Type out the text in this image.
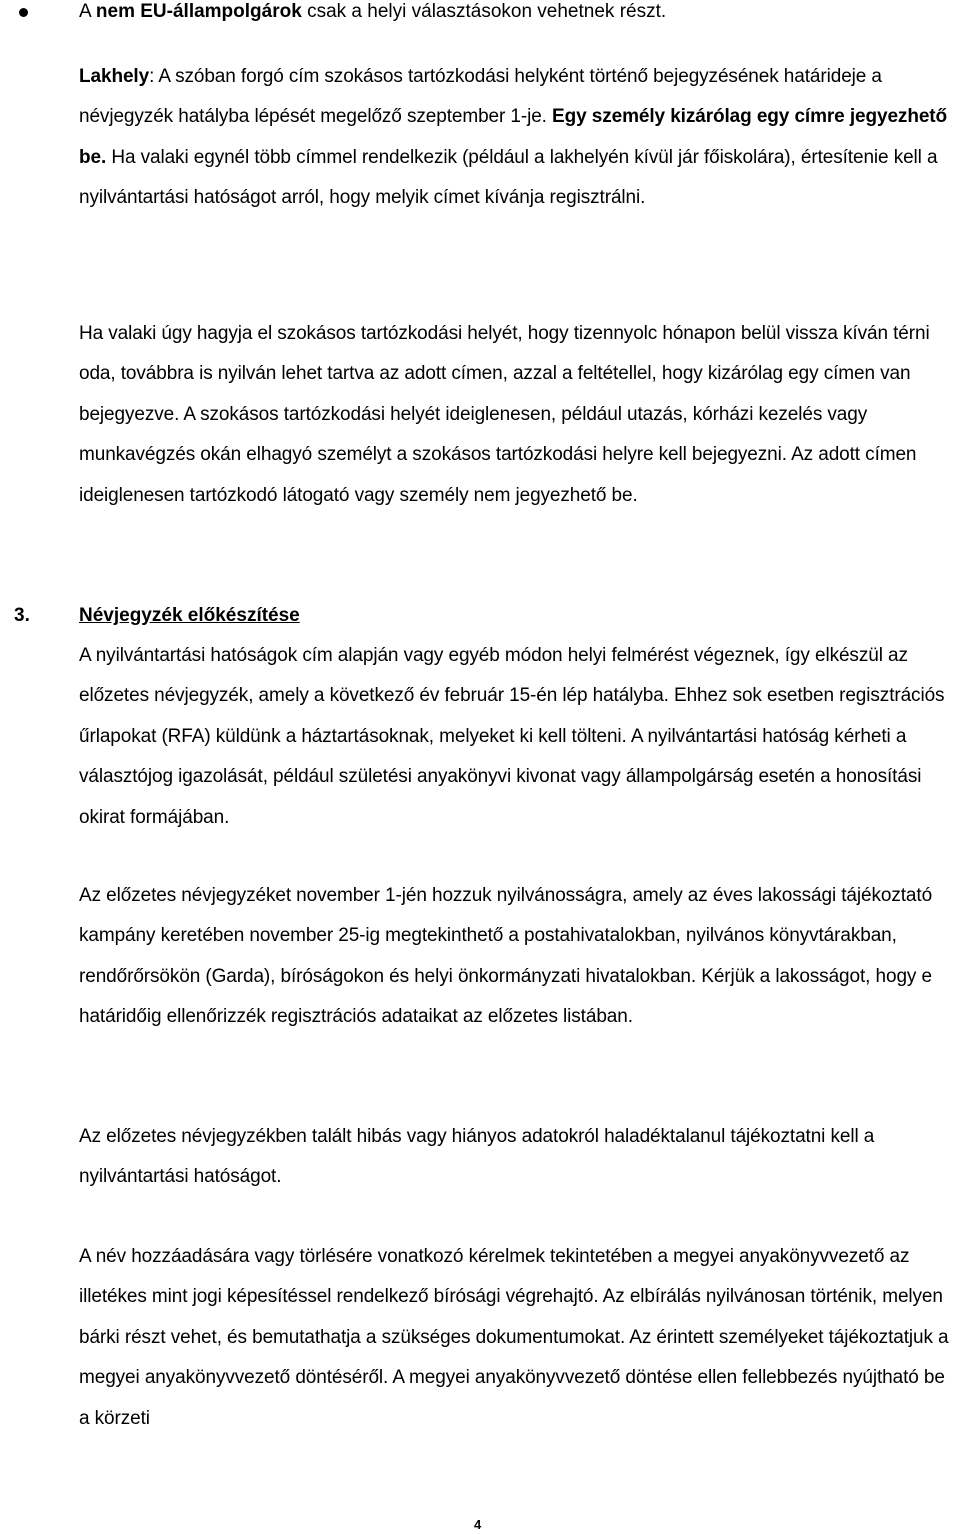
A nem EU-állampolgárok csak a helyi választásokon vehetnek részt.
Lakhely: A szóban forgó cím szokásos tartózkodási helyként történő bejegyzésének határideje a névjegyzék hatályba lépését megelőző szeptember 1-je. Egy személy kizárólag egy címre jegyezhető be. Ha valaki egynél több címmel rendelkezik (például a lakhelyén kívül jár főiskolára), értesítenie kell a nyilvántartási hatóságot arról, hogy melyik címet kívánja regisztrálni.
Ha valaki úgy hagyja el szokásos tartózkodási helyét, hogy tizennyolc hónapon belül vissza kíván térni oda, továbbra is nyilván lehet tartva az adott címen, azzal a feltétellel, hogy kizárólag egy címen van bejegyezve. A szokásos tartózkodási helyét ideiglenesen, például utazás, kórházi kezelés vagy munkavégzés okán elhagyó személyt a szokásos tartózkodási helyre kell bejegyezni. Az adott címen ideiglenesen tartózkodó látogató vagy személy nem jegyezhető be.
3.	Névjegyzék előkészítése
A nyilvántartási hatóságok cím alapján vagy egyéb módon helyi felmérést végeznek, így elkészül az előzetes névjegyzék, amely a következő év február 15-én lép hatályba. Ehhez sok esetben regisztrációs űrlapokat (RFA) küldünk a háztartásoknak, melyeket ki kell tölteni. A nyilvántartási hatóság kérheti a választójog igazolását, például születési anyakönyvi kivonat vagy állampolgárság esetén a honosítási okirat formájában.
Az előzetes névjegyzéket november 1-jén hozzuk nyilvánosságra, amely az éves lakossági tájékoztató kampány keretében november 25-ig megtekinthető a postahivatalokban, nyilvános könyvtárakban, rendőrőrsökön (Garda), bíróságokon és helyi önkormányzati hivatalokban. Kérjük a lakosságot, hogy e határidőig ellenőrizzék regisztrációs adataikat az előzetes listában.
Az előzetes névjegyzékben talált hibás vagy hiányos adatokról haladéktalanul tájékoztatni kell a nyilvántartási hatóságot.
A név hozzáadására vagy törlésére vonatkozó kérelmek tekintetében a megyei anyakönyvvezető az illetékes mint jogi képesítéssel rendelkező bírósági végrehajtó. Az elbírálás nyilvánosan történik, melyen bárki részt vehet, és bemutathatja a szükséges dokumentumokat. Az érintett személyeket tájékoztatjuk a megyei anyakönyvvezető döntéséről. A megyei anyakönyvvezető döntése ellen fellebbezés nyújtható be a körzeti
4
